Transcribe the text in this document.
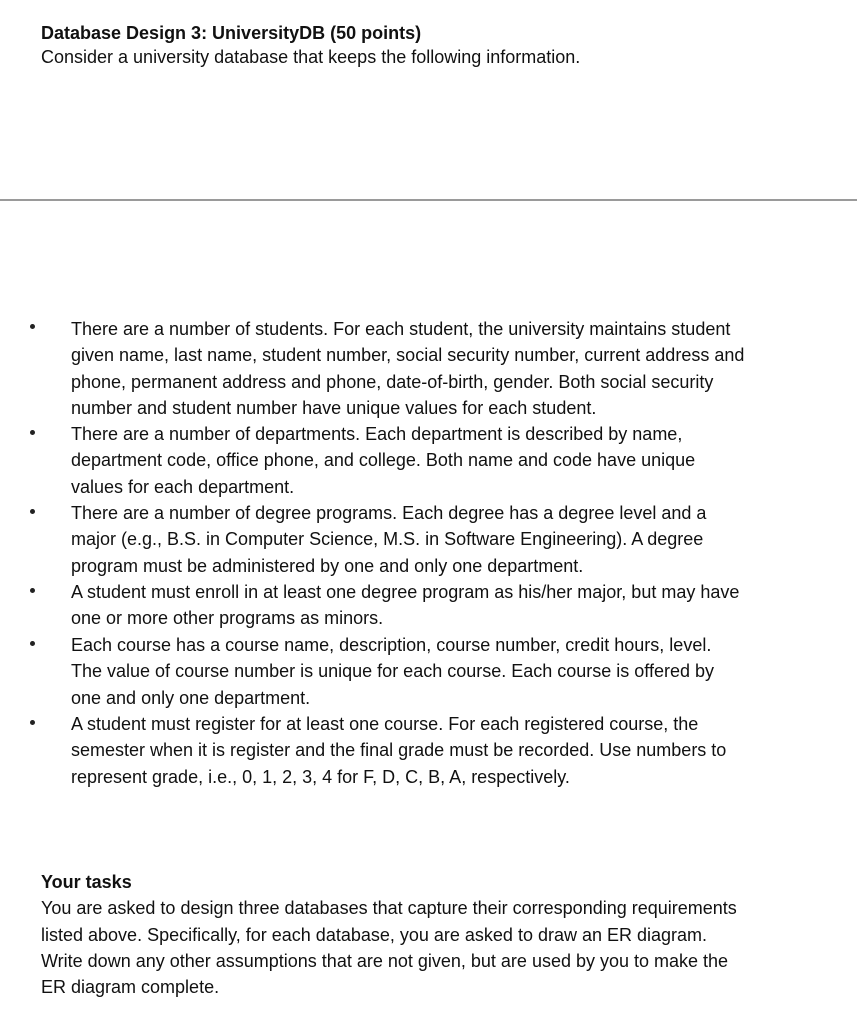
Database Design 3: UniversityDB (50 points)
Consider a university database that keeps the following information.
There are a number of students. For each student, the university maintains student
given name, last name, student number, social security number, current address and
phone, permanent address and phone, date-of-birth, gender. Both social security
number and student number have unique values for each student.
There are a number of departments. Each department is described by name,
department code, office phone, and college. Both name and code have unique
values for each department.
There are a number of degree programs. Each degree has a degree level and a
major (e.g., B.S. in Computer Science, M.S. in Software Engineering). A degree
program must be administered by one and only one department.
A student must enroll in at least one degree program as his/her major, but may have
one or more other programs as minors.
Each course has a course name, description, course number, credit hours, level.
The value of course number is unique for each course. Each course is offered by
one and only one department.
A student must register for at least one course. For each registered course, the
semester when it is register and the final grade must be recorded. Use numbers to
represent grade, i.e., 0, 1, 2, 3, 4 for F, D, C, B, A, respectively.
Your tasks
You are asked to design three databases that capture their corresponding requirements
listed above. Specifically, for each database, you are asked to draw an ER diagram.
Write down any other assumptions that are not given, but are used by you to make the
ER diagram complete.
